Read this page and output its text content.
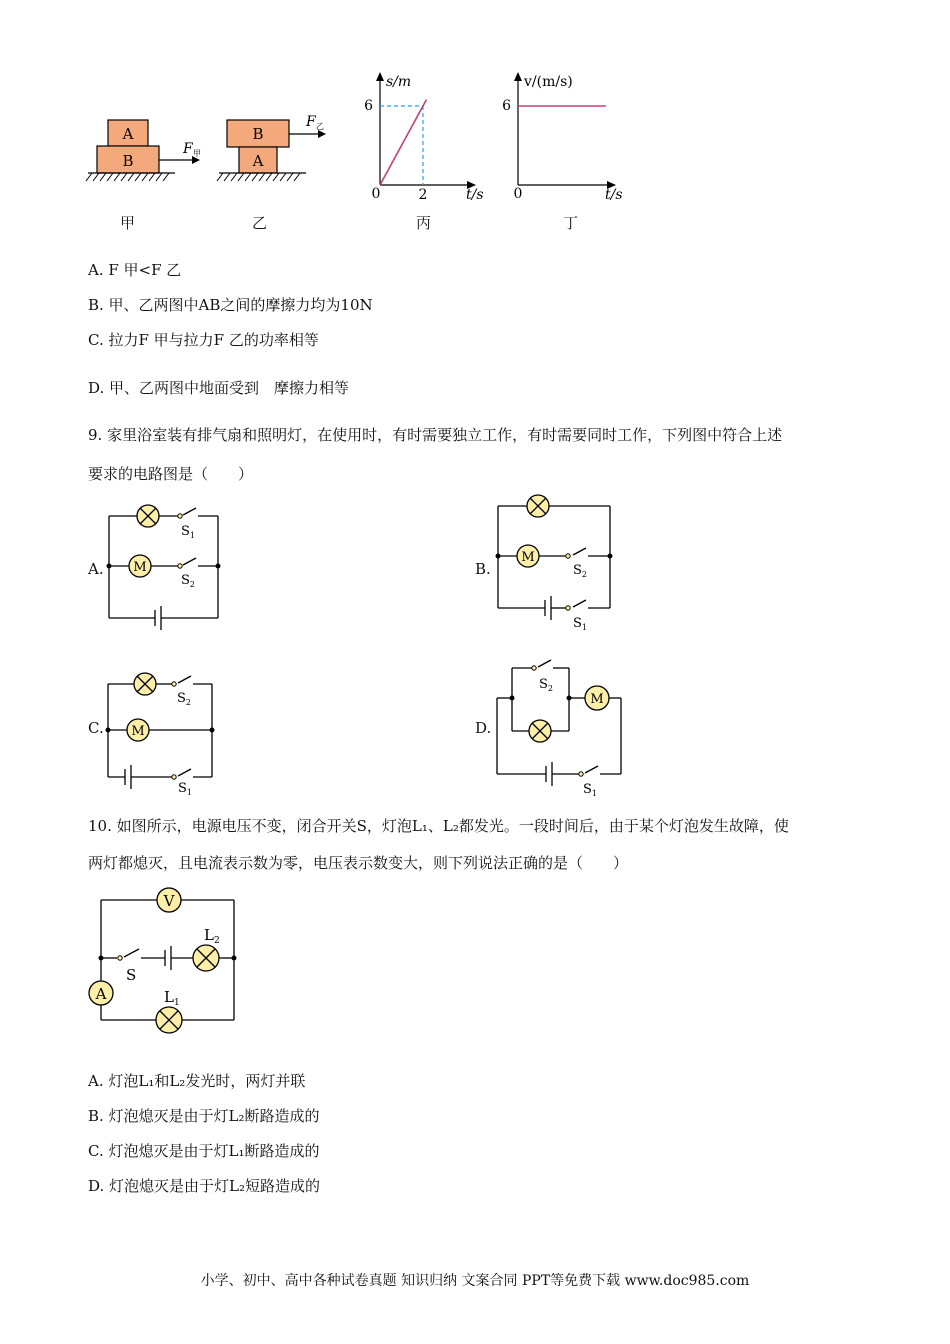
A
B
F 甲
B
A
F 乙
s/m
t/s
0
6
2
v/(m/s)
t/s
0
6
甲	乙	丙	丁
A. F 甲<F 乙
B. 甲、乙两图中AB之间的摩擦力均为10N
C. 拉力F 甲与拉力F 乙的功率相等
D. 甲、乙两图中地面受到　摩擦力相等
9. 家里浴室装有排气扇和照明灯，在使用时，有时需要独立工作，有时需要同时工作，下列图中符合上述
要求的电路图是（　　）
A.	B.
C.	D.
M
M
M
M
$S_1$
$S_2$
$S_2$
$S_1$
$S_2$
$S_1$
$S_2$
$S_1$
10. 如图所示，电源电压不变，闭合开关S，灯泡L₁、L₂都发光。一段时间后，由于某个灯泡发生故障，使
两灯都熄灭，且电流表示数为零，电压表示数变大，则下列说法正确的是（　　）
V
A
S
$L_2$
$L_1$
A. 灯泡L₁和L₂发光时，两灯并联
B. 灯泡熄灭是由于灯L₂断路造成的
C. 灯泡熄灭是由于灯L₁断路造成的
D. 灯泡熄灭是由于灯L₂短路造成的
小学、初中、高中各种试卷真题 知识归纳 文案合同 PPT等免费下载 www.doc985.com
